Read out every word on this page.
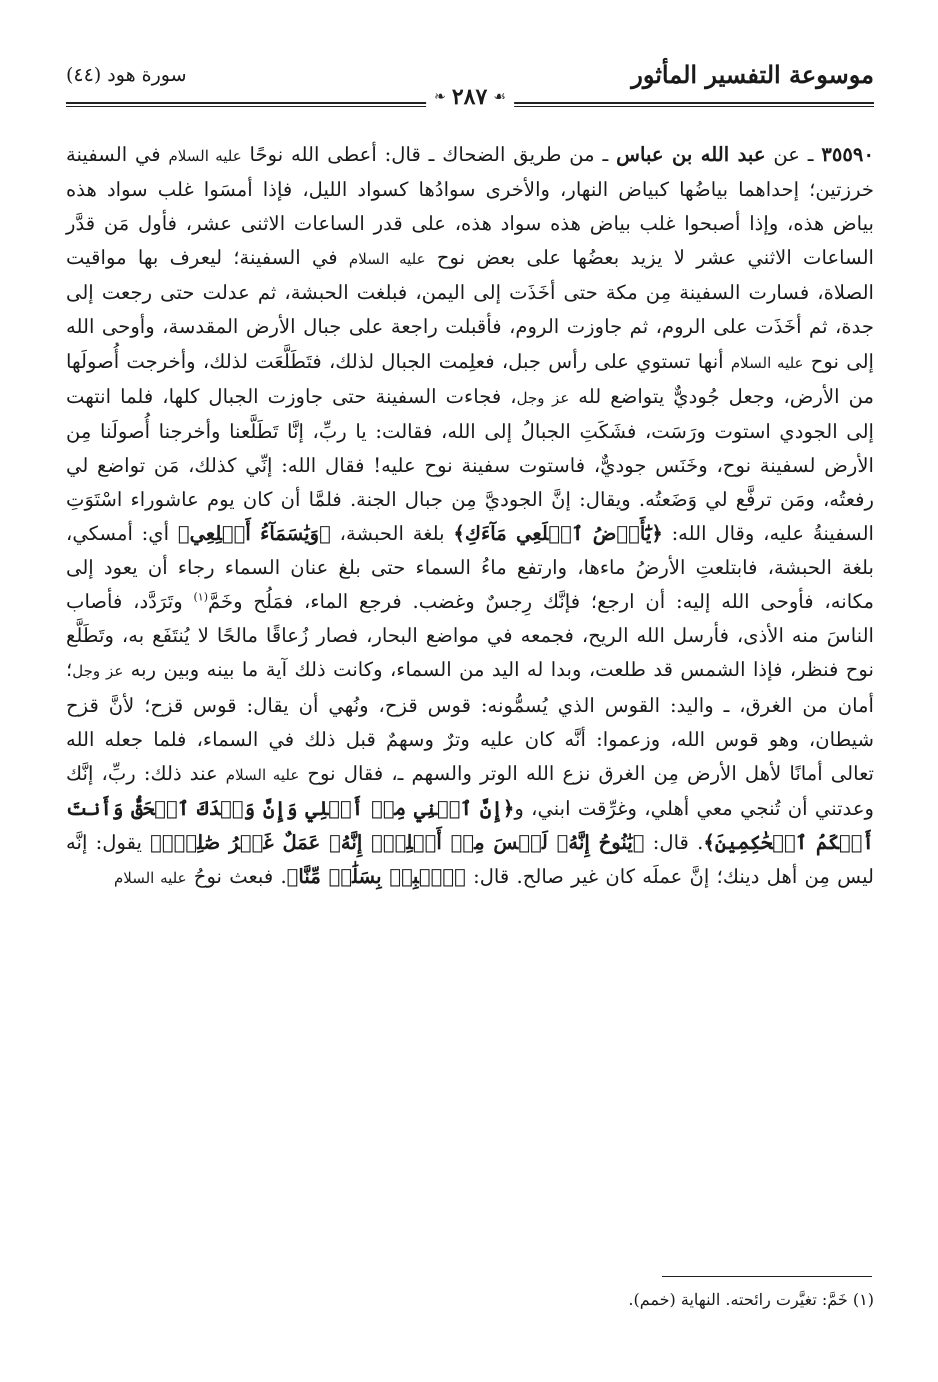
موسوعة التفسير المأثور
سورة هود (٤٤)
❧ ٢٨٧ ☙
٣٥٥٩٠ ـ عن عبد الله بن عباس ـ من طريق الضحاك ـ قال: أعطى الله نوحًا عليه السلام في السفينة خرزتين؛ إحداهما بياضُها كبياض النهار، والأخرى سوادُها كسواد الليل، فإذا أمسَوا غلب سواد هذه بياض هذه، وإذا أصبحوا غلب بياض هذه سواد هذه، على قدر الساعات الاثنى عشر، فأول مَن قدَّر الساعات الاثني عشر لا يزيد بعضُها على بعض نوح عليه السلام في السفينة؛ ليعرف بها مواقيت الصلاة، فسارت السفينة مِن مكة حتى أخَذَت إلى اليمن، فبلغت الحبشة، ثم عدلت حتى رجعت إلى جدة، ثم أخَذَت على الروم، ثم جاوزت الروم، فأقبلت راجعة على جبال الأرض المقدسة، وأوحى الله إلى نوح عليه السلام أنها تستوي على رأس جبل، فعلِمت الجبال لذلك، فتَطَلَّعَت لذلك، وأخرجت أُصولَها من الأرض، وجعل جُوديٌّ يتواضع لله عز وجل، فجاءت السفينة حتى جاوزت الجبال كلها، فلما انتهت إلى الجودي استوت ورَسَت، فشَكَتِ الجبالُ إلى الله، فقالت: يا ربِّ، إنَّا تَطَلَّعنا وأخرجنا أُصولَنا مِن الأرض لسفينة نوح، وخَنَس جوديٌّ، فاستوت سفينة نوح عليه! فقال الله: إنِّي كذلك، مَن تواضع لي رفعتُه، ومَن ترفَّع لي وَضَعتُه. ويقال: إنَّ الجوديَّ مِن جبال الجنة. فلمَّا أن كان يوم عاشوراء اسْتَوَتِ السفينةُ عليه، وقال الله: ﴿يَٰٓأَرۡضُ ٱبۡلَعِي مَآءَكِ﴾ بلغة الحبشة، ﴿وَيَٰسَمَآءُ أَقۡلِعِي﴾ أي: أمسكي، بلغة الحبشة، فابتلعتِ الأرضُ ماءها، وارتفع ماءُ السماء حتى بلغ عنان السماء رجاء أن يعود إلى مكانه، فأوحى الله إليه: أن ارجع؛ فإنَّك رِجسٌ وغضب. فرجع الماء، فمَلُح وخَمَّ$^{(١)}$ وتَرَدَّد، فأصاب الناسَ منه الأذى، فأرسل الله الريح، فجمعه في مواضع البحار، فصار زُعاقًا مالحًا لا يُنتَفَع به، وتَطَلَّع نوح فنظر، فإذا الشمس قد طلعت، وبدا له اليد من السماء، وكانت ذلك آية ما بينه وبين ربه عز وجل؛ أمان من الغرق، ـ واليد: القوس الذي يُسمُّونه: قوس قزح، ونُهي أن يقال: قوس قزح؛ لأنَّ قزح شيطان، وهو قوس الله، وزعموا: أنَّه كان عليه وترٌ وسهمٌ قبل ذلك في السماء، فلما جعله الله تعالى أمانًا لأهل الأرض مِن الغرق نزع الله الوتر والسهم ـ، فقال نوح عليه السلام عند ذلك: ربِّ، إنَّك وعدتني أن تُنجي معي أهلي، وغرِّقت ابني، و﴿إِنَّ ٱبۡنِي مِنۡ أَهۡلِي وَإِنَّ وَعۡدَكَ ٱلۡحَقُّ وَأَنتَ أَحۡكَمُ ٱلۡحَٰكِمِينَ﴾. قال: ﴿يَٰنُوحُ إِنَّهُۥ لَيۡسَ مِنۡ أَهۡلِكَۖ إِنَّهُۥ عَمَلٌ غَيۡرُ صَٰلِحٖۖ﴾ يقول: إنَّه ليس مِن أهل دينك؛ إنَّ عملَه كان غير صالح. قال: ﴿ٱهۡبِطۡ بِسَلَٰمٖ مِّنَّا﴾. فبعث نوحُ عليه السلام
(١) خَمَّ: تغيَّرت رائحته. النهاية (خمم).
